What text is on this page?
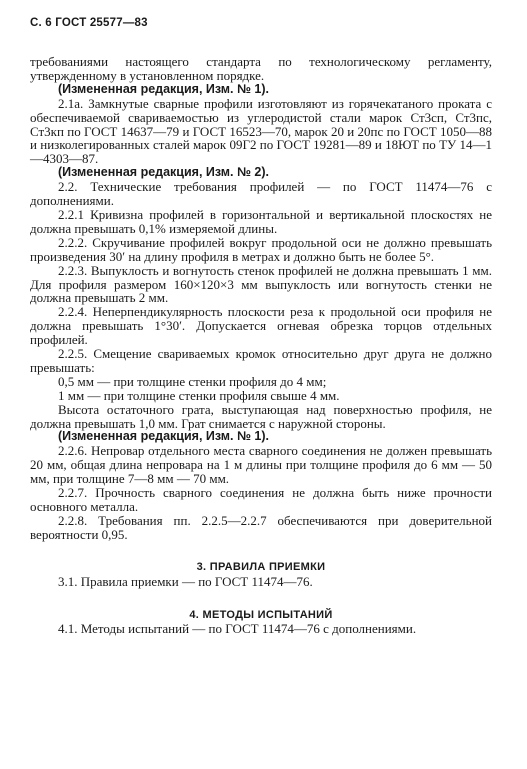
С. 6 ГОСТ 25577—83

требованиями настоящего стандарта по технологическому регламенту, утвержденному в установленном порядке.

(Измененная редакция, Изм. № 1).

2.1а. Замкнутые сварные профили изготовляют из горячекатаного проката с обеспечиваемой свариваемостью из углеродистой стали марок Ст3сп, Ст3пс, Ст3кп по ГОСТ 14637—79 и ГОСТ 16523—70, марок 20 и 20пс по ГОСТ 1050—88 и низколегированных сталей марок 09Г2 по ГОСТ 19281—89 и 18ЮТ по ТУ 14—1—4303—87.

(Измененная редакция, Изм. № 2).

2.2. Технические требования профилей — по ГОСТ 11474—76 с дополнениями.

2.2.1 Кривизна профилей в горизонтальной и вертикальной плоскостях не должна превышать 0,1% измеряемой длины.

2.2.2. Скручивание профилей вокруг продольной оси не должно превышать произведения 30′ на длину профиля в метрах и должно быть не более 5°.

2.2.3. Выпуклость и вогнутость стенок профилей не должна превышать 1 мм. Для профиля размером 160×120×3 мм выпуклость или вогнутость стенки не должна превышать 2 мм.

2.2.4. Неперпендикулярность плоскости реза к продольной оси профиля не должна превышать 1°30′. Допускается огневая обрезка торцов отдельных профилей.

2.2.5. Смещение свариваемых кромок относительно друг друга не должно превышать:

0,5 мм — при толщине стенки профиля до 4 мм;

1 мм — при толщине стенки профиля свыше 4 мм.

Высота остаточного грата, выступающая над поверхностью профиля, не должна превышать 1,0 мм. Грат снимается с наружной стороны.

(Измененная редакция, Изм. № 1).

2.2.6. Непровар отдельного места сварного соединения не должен превышать 20 мм, общая длина непровара на 1 м длины при толщине профиля до 6 мм — 50 мм, при толщине 7—8 мм — 70 мм.

2.2.7. Прочность сварного соединения не должна быть ниже прочности основного металла.

2.2.8. Требования пп. 2.2.5—2.2.7 обеспечиваются при доверительной вероятности 0,95.

3. ПРАВИЛА ПРИЕМКИ

3.1. Правила приемки — по ГОСТ 11474—76.

4. МЕТОДЫ ИСПЫТАНИЙ

4.1. Методы испытаний — по ГОСТ 11474—76 с дополнениями.
